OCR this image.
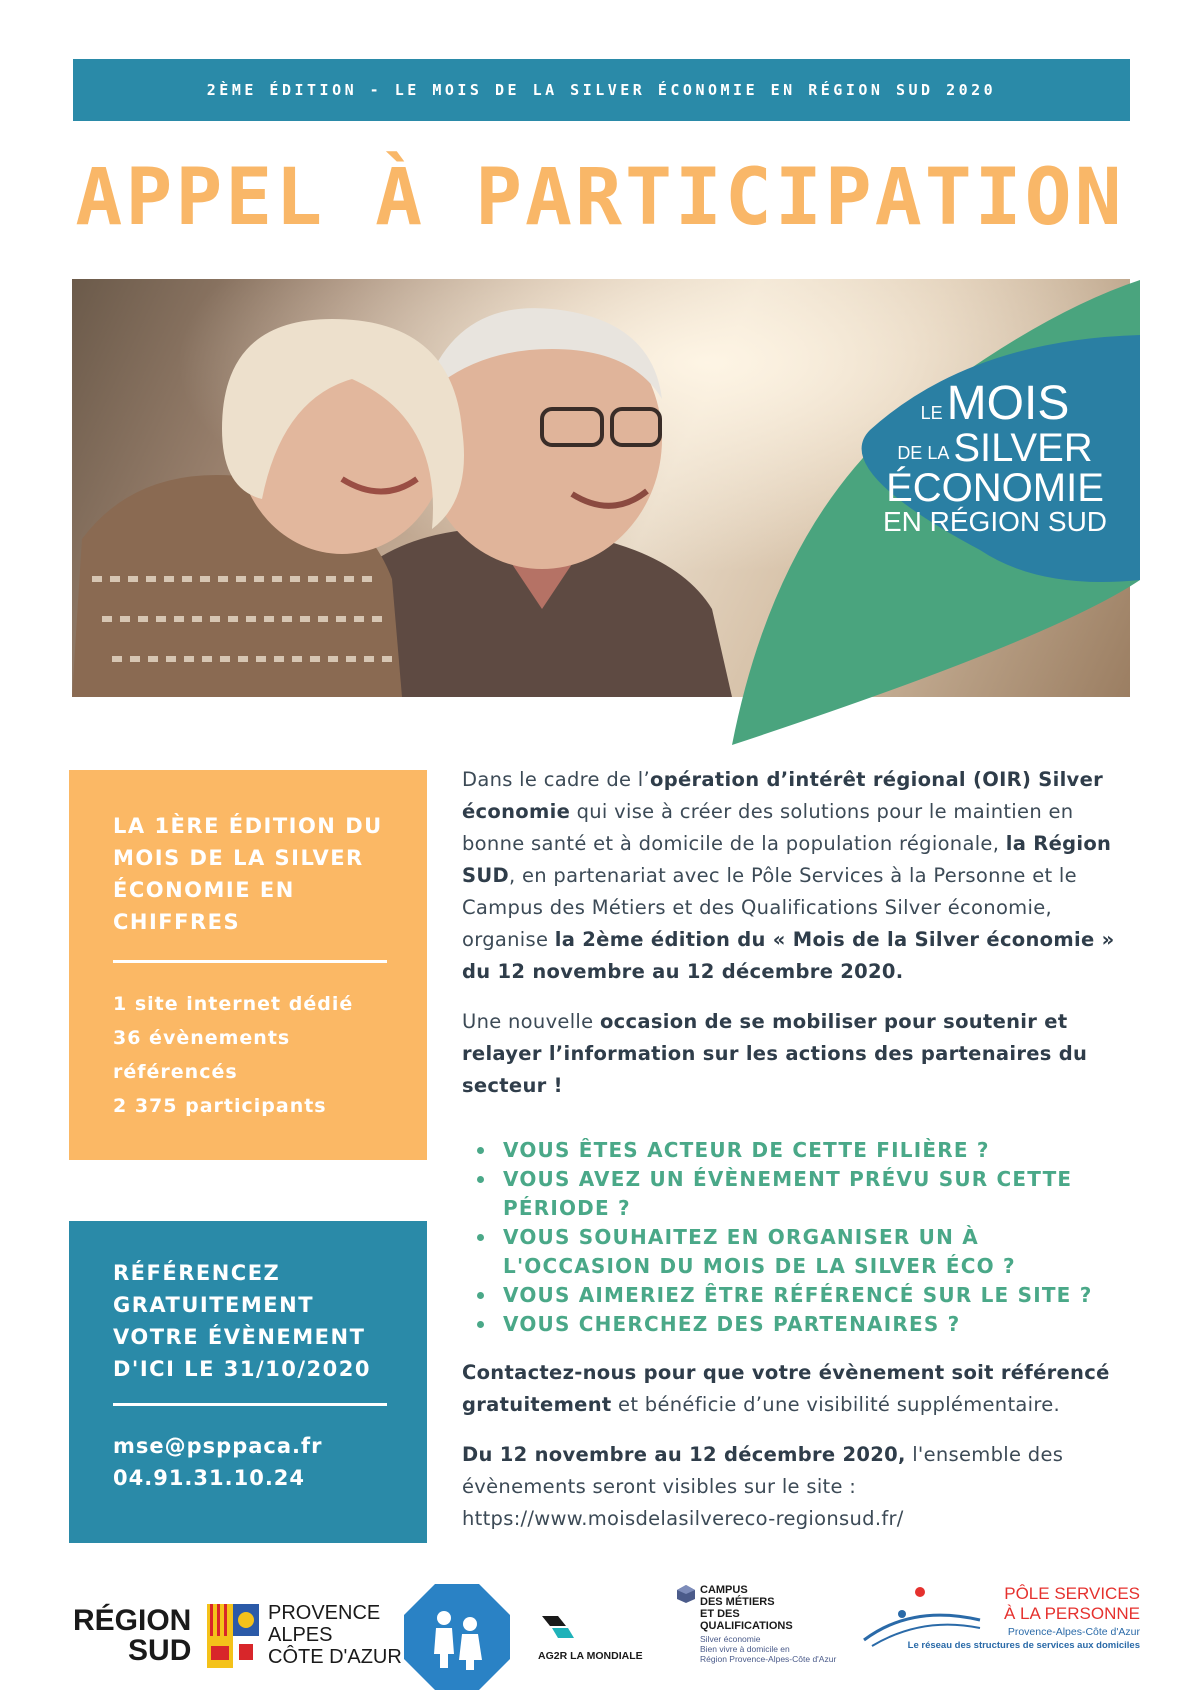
2ÈME ÉDITION - LE MOIS DE LA SILVER ÉCONOMIE EN RÉGION SUD 2020
APPEL À PARTICIPATION
LE MOIS
DE LA SILVER
ÉCONOMIE
EN RÉGION SUD
LA 1ÈRE ÉDITION DU MOIS DE LA SILVER ÉCONOMIE EN CHIFFRES
1 site internet dédié
36 évènements
référencés
2 375 participants
RÉFÉRENCEZ GRATUITEMENT VOTRE ÉVÈNEMENT D'ICI LE 31/10/2020
mse@psppaca.fr
04.91.31.10.24

Dans le cadre de l’opération d’intérêt régional (OIR) Silver économie qui vise à créer des solutions pour le maintien en bonne santé et à domicile de la population régionale, la Région SUD, en partenariat avec le Pôle Services à la Personne et le Campus des Métiers et des Qualifications Silver économie, organise la 2ème édition du « Mois de la Silver économie » du 12 novembre au 12 décembre 2020.

Une nouvelle occasion de se mobiliser pour soutenir et relayer l’information sur les actions des partenaires du secteur !

VOUS ÊTES ACTEUR DE CETTE FILIÈRE ?
VOUS AVEZ UN ÉVÈNEMENT PRÉVU SUR CETTE PÉRIODE ?
VOUS SOUHAITEZ EN ORGANISER UN À L'OCCASION DU MOIS DE LA SILVER ÉCO ?
VOUS AIMERIEZ ÊTRE RÉFÉRENCÉ SUR LE SITE ?
VOUS CHERCHEZ DES PARTENAIRES ?

Contactez-nous pour que votre évènement soit référencé gratuitement et bénéficie d’une visibilité supplémentaire.

Du 12 novembre au 12 décembre 2020, l'ensemble des évènements seront visibles sur le site :
https://www.moisdelasilvereco-regionsud.fr/

RÉGION
SUD
PROVENCE
ALPES
CÔTE D'AZUR	AG2R LA MONDIALE
CAMPUS
DES MÉTIERS
ET DES
QUALIFICATIONS
Silver économie
Bien vivre à domicile en
Région Provence-Alpes-Côte d'Azur
PÔLE SERVICES
À LA PERSONNE
Provence-Alpes-Côte d'Azur
Le réseau des structures de services aux domiciles
